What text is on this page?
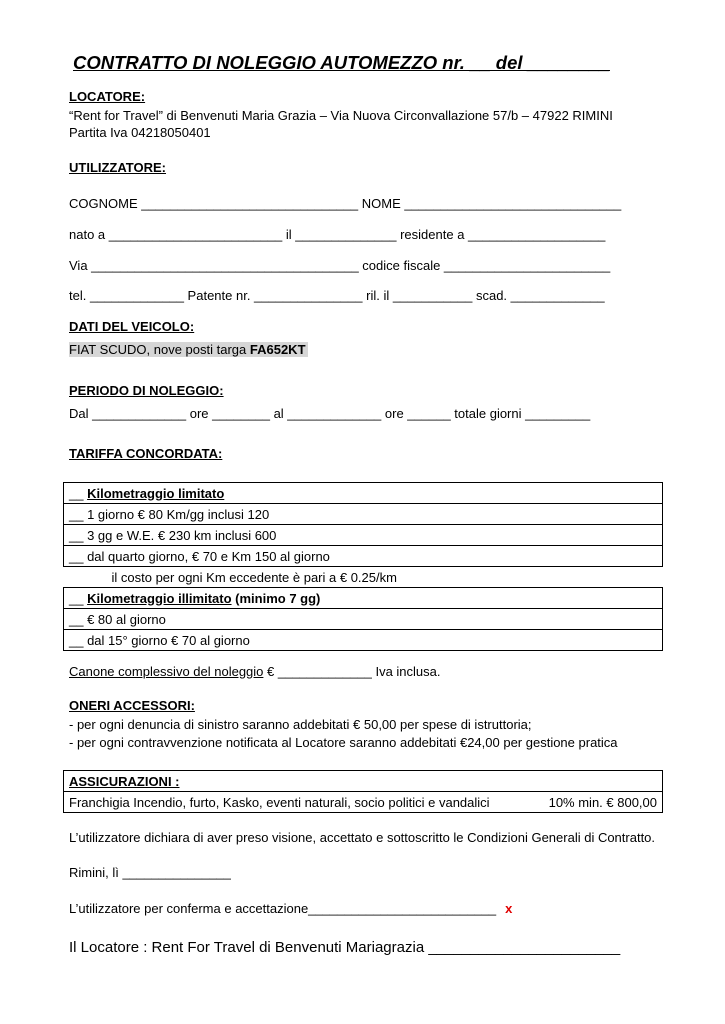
CONTRATTO DI NOLEGGIO AUTOMEZZO nr. __ del ________
LOCATORE:
“Rent for Travel” di Benvenuti Maria Grazia – Via Nuova Circonvallazione 57/b – 47922 RIMINI
Partita Iva 04218050401
UTILIZZATORE:
COGNOME ______________________________ NOME ______________________________
nato a ________________________ il ______________ residente a ___________________
Via _____________________________________ codice fiscale _______________________
tel. _____________ Patente nr. _______________ ril. il ___________ scad. _____________
DATI DEL VEICOLO:
FIAT SCUDO, nove posti targa FA652KT
PERIODO DI NOLEGGIO:
Dal _____________ ore ________ al _____________ ore ______ totale giorni _________
TARIFFA CONCORDATA:
__ Kilometraggio limitato
__ 1 giorno € 80 Km/gg inclusi 120
__ 3 gg e W.E. € 230 km inclusi 600
__ dal quarto giorno, € 70 e Km 150 al giorno
il costo per ogni Km eccedente è pari a € 0.25/km
__ Kilometraggio illimitato (minimo 7 gg)
__ € 80 al giorno
__ dal 15° giorno € 70 al giorno
Canone complessivo del noleggio € _____________ Iva inclusa.
ONERI ACCESSORI:
- per ogni denuncia di sinistro saranno addebitati € 50,00 per spese di istruttoria;
- per ogni contravvenzione notificata al Locatore saranno addebitati €24,00 per gestione pratica
ASSICURAZIONI :

Franchigia Incendio, furto, Kasko, eventi naturali, socio politici e vandalici	10% min. € 800,00
L’utilizzatore dichiara di aver preso visione, accettato e sottoscritto le Condizioni Generali di Contratto.
Rimini, lì _______________
L’utilizzatore per conferma e accettazione__________________________ x
Il Locatore : Rent For Travel di Benvenuti Mariagrazia _______________________
